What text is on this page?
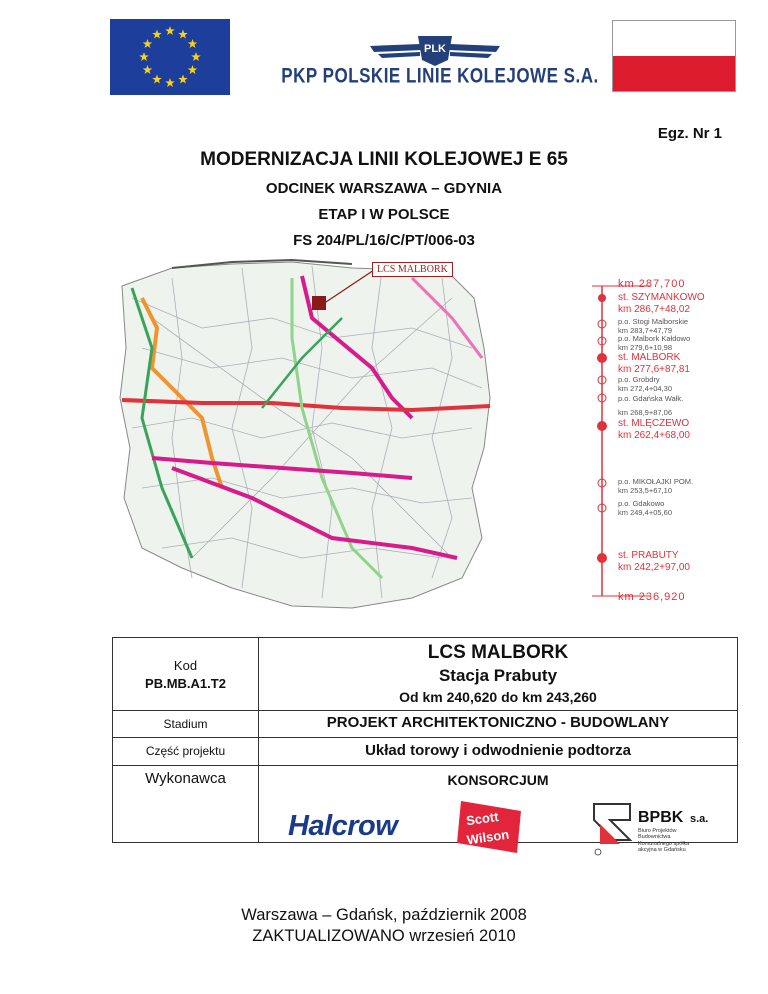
PLK
PKP POLSKIE LINIE KOLEJOWE S.A.
Egz. Nr 1
MODERNIZACJA LINII KOLEJOWEJ E 65
ODCINEK WARSZAWA – GDYNIA
ETAP I W POLSCE
FS 204/PL/16/C/PT/006-03
LCS MALBORK
km 287,700
st. SZYMANKOWO
km 286,7+48,02
p.o. Stogi Malborskie
km 283,7+47,79
p.o. Malbork Kałdowo
km 279,6+10,98
st. MALBORK
km 277,6+87,81
p.o. Grobdry
km 272,4+04,30
p.o. Gdańska Wałk.
km 268,9+87,06
st. MLĘCZEWO
km 262,4+68,00
p.o. MIKOŁAJKI POM.
km 253,5+67,10
p.o. Gdakowo
km 249,4+05,60
st. PRABUTY
km 242,2+97,00
km 236,920
Kod
PB.MB.A1.T2
LCS MALBORK
Stacja Prabuty
Od km 240,620 do km 243,260
Stadium	PROJEKT ARCHITEKTONICZNO - BUDOWLANY
Część projektu	Układ torowy i odwodnienie podtorza
Wykonawca	KONSORCJUM
Halcrow	Scott
Wilson
BPBK s.a.
Biuro Projektów Budownictwa Komunalnego spółka akcyjna w Gdańsku
Warszawa – Gdańsk, październik 2008
ZAKTUALIZOWANO wrzesień 2010
